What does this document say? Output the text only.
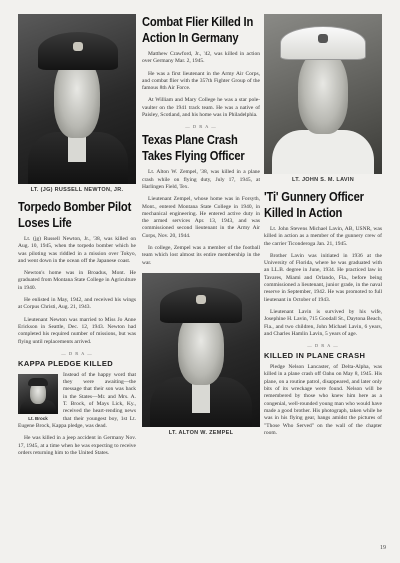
LT. (JG) RUSSELL NEWTON, JR.
Torpedo Bomber Pilot Loses Life

Lt. (jg) Russell Newton, Jr., '38, was killed on Aug. 10, 1945, when the torpedo bomber which he was piloting was riddled in a mission over Tokyo, and went down in the ocean off the Japanese coast.

Newton's home was in Broadus, Mont. He graduated from Montana State College in Agriculture in 1940.

He enlisted in May, 1942, and received his wings at Corpus Christi, Aug. 21, 1943.

Lieutenant Newton was married to Miss Jo Anne Erickson in Seattle, Dec. 12, 1943. Newton had completed his required number of missions, but was flying until replacements arrived.

— D R A —
KAPPA PLEDGE KILLED
Lt. Brock

Instead of the happy word that they were awaiting—the message that their son was back in the States—Mr. and Mrs. A. T. Brock, of Mays Lick, Ky., received the heart-rending news that their youngest boy, 1st Lt. Eugene Brock, Kappa pledge, was dead.

He was killed in a jeep accident in Germany Nov. 17, 1945, at a time when he was expecting to receive orders returning him to the United States.

Combat Flier Killed In Action In Germany

Matthew Crawford, Jr., '42, was killed in action over Germany Mar. 2, 1945.

He was a first lieutenant in the Army Air Corps, and combat flier with the 357th Fighter Group of the famous 8th Air Force.

At William and Mary College he was a star pole-vaulter on the 1941 track team. He was a native of Paisley, Scotland, and his home was in Philadelphia.

— D R A —
Texas Plane Crash Takes Flying Officer

Lt. Alton W. Zempel, '38, was killed in a plane crash while on flying duty, July 17, 1945, at Harlingen Field, Tex.

Lieutenant Zempel, whose home was in Forsyth, Mont., entered Montana State College in 1940, in mechanical engineering. He entered active duty in the armed services Apr. 13, 1943, and was commissioned second lieutenant in the Army Air Corps, Nov. 20, 1944.

In college, Zempel was a member of the football team which lost almost its entire membership in the war.

LT. ALTON W. ZEMPEL
LT. JOHN S. M. LAVIN
'Ti' Gunnery Officer Killed In Action

Lt. John Stevens Michael Lavin, AB, USNR, was killed in action as a member of the gunnery crew of the carrier Ticonderoga Jan. 21, 1945.

Brother Lavin was initiated in 1936 at the University of Florida, where he was graduated with an LL.B. degree in June, 1934. He practiced law in Tavares, Miami and Orlando, Fla., before being commissioned a lieutenant, junior grade, in the naval reserve in September, 1942. He was promoted to full lieutenant in October of 1943.

Lieutenant Lavin is survived by his wife, Josephine H. Lavin, 715 Goodall St., Daytona Beach, Fla., and two children, John Michael Lavin, 6 years, and Charles Hamlin Lavin, 5 years of age.

— D R A —
KILLED IN PLANE CRASH

Pledge Nelson Lancaster, of Delta-Alpha, was killed in a plane crash off Oahu on May 8, 1945. His plane, on a routine patrol, disappeared, and later only bits of its wreckage were found. Nelson will be remembered by those who knew him here as a congenial, well-rounded young man who would have made a good brother. His photograph, taken while he was in his flying gear, hangs amidst the pictures of "Those Who Served" on the wall of the chapter room.

19
